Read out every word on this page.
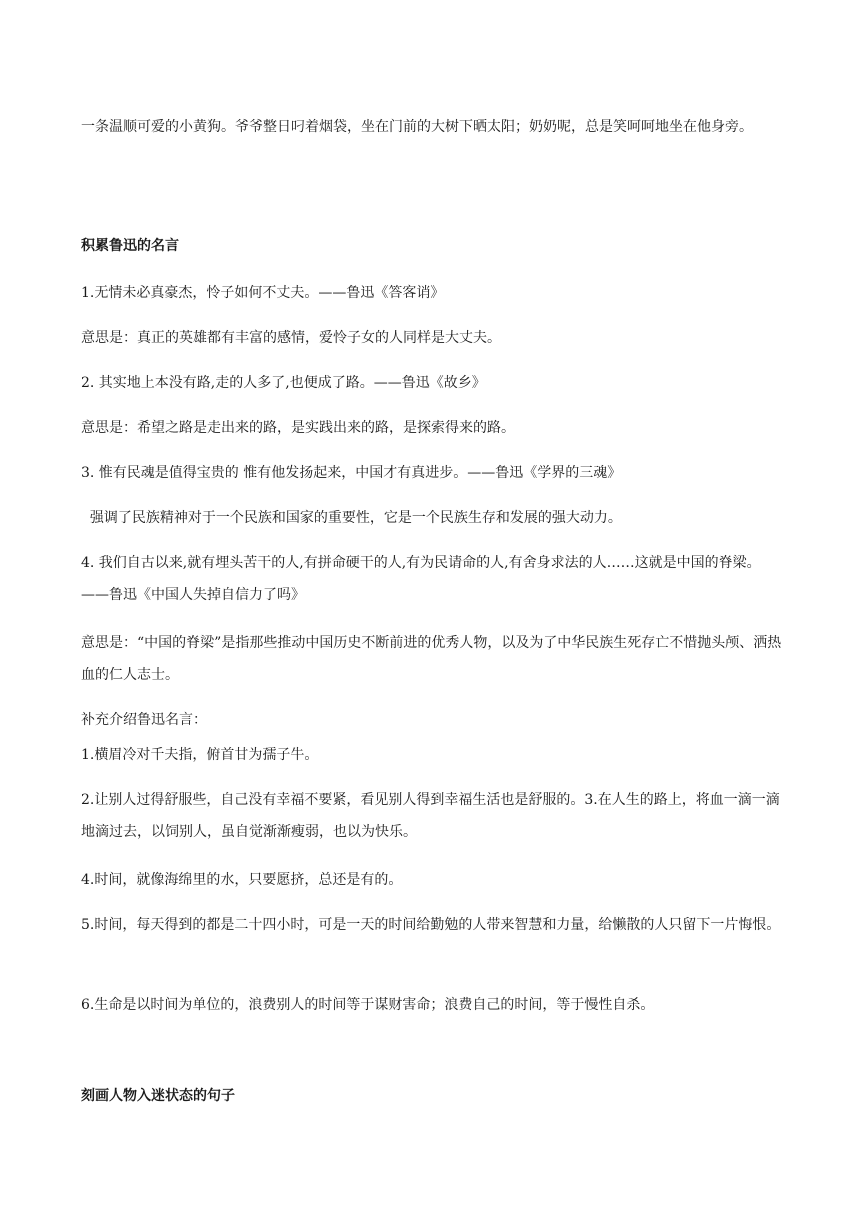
一条温顺可爱的小黄狗。爷爷整日叼着烟袋，坐在门前的大树下晒太阳；奶奶呢，总是笑呵呵地坐在他身旁。

积累鲁迅的名言

1.无情未必真豪杰，怜子如何不丈夫。——鲁迅《答客诮》

意思是：真正的英雄都有丰富的感情，爱怜子女的人同样是大丈夫。

2. 其实地上本没有路,走的人多了,也便成了路。——鲁迅《故乡》

意思是：希望之路是走出来的路，是实践出来的路，是探索得来的路。

3. 惟有民魂是值得宝贵的 惟有他发扬起来，中国才有真进步。——鲁迅《学界的三魂》

强调了民族精神对于一个民族和国家的重要性，它是一个民族生存和发展的强大动力。

4. 我们自古以来,就有埋头苦干的人,有拼命硬干的人,有为民请命的人,有舍身求法的人……这就是中国的脊梁。——鲁迅《中国人失掉自信力了吗》

意思是：“中国的脊梁”是指那些推动中国历史不断前进的优秀人物，以及为了中华民族生死存亡不惜抛头颅、洒热血的仁人志士。

补充介绍鲁迅名言：

1.横眉冷对千夫指，俯首甘为孺子牛。

2.让别人过得舒服些，自己没有幸福不要紧，看见别人得到幸福生活也是舒服的。3.在人生的路上，将血一滴一滴地滴过去，以饲别人，虽自觉渐渐瘦弱，也以为快乐。

4.时间，就像海绵里的水，只要愿挤，总还是有的。

5.时间，每天得到的都是二十四小时，可是一天的时间给勤勉的人带来智慧和力量，给懒散的人只留下一片悔恨。

6.生命是以时间为单位的，浪费别人的时间等于谋财害命；浪费自己的时间，等于慢性自杀。

刻画人物入迷状态的句子
